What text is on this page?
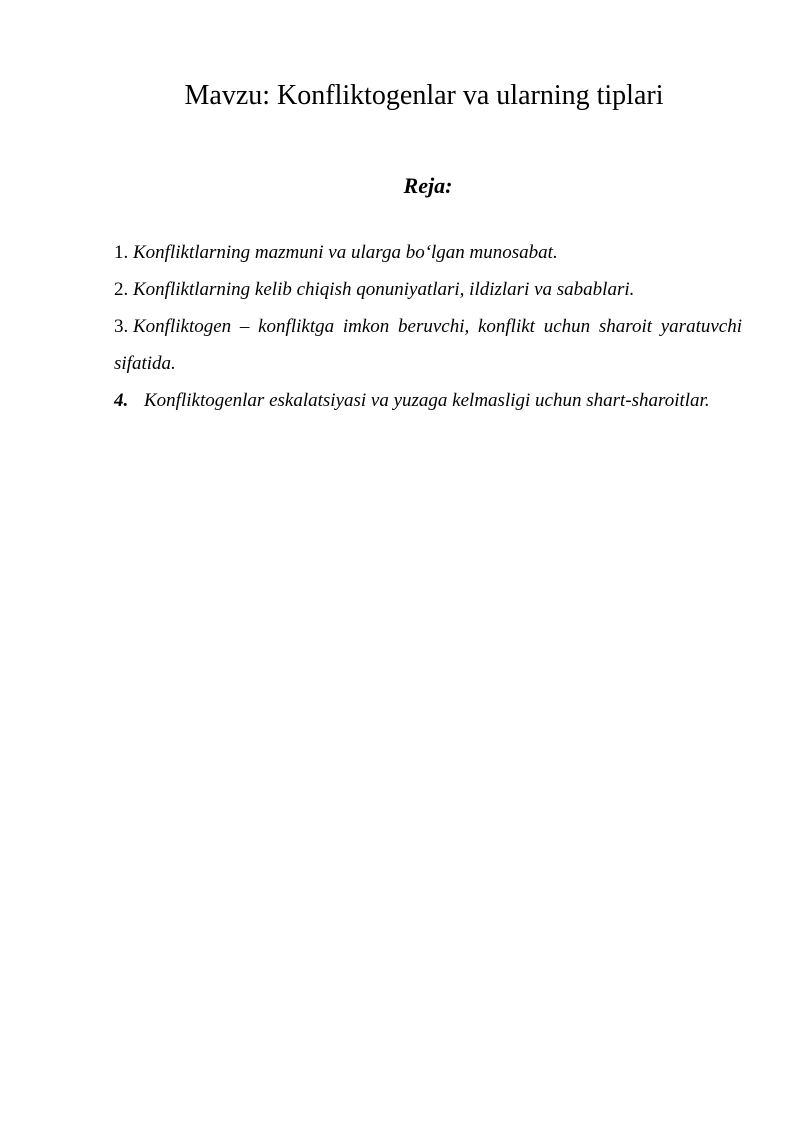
Mavzu: Konfliktogenlar va ularning tiplari
Reja:
1. Konfliktlarning mazmuni va ularga bo‘lgan munosabat.
2. Konfliktlarning kelib chiqish qonuniyatlari, ildizlari va sabablari.
3. Konfliktogen – konfliktga imkon beruvchi, konflikt uchun sharoit yaratuvchi sifatida.
4. Konfliktogenlar eskalatsiyasi va yuzaga kelmasligi uchun shart-sharoitlar.
